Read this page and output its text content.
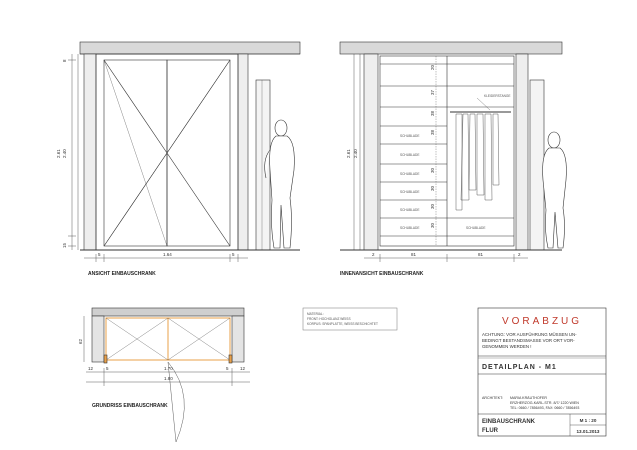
2.61 2.40
8
15
1.64
5	5
ANSICHT EINBAUSCHRANK
SCHUBLADE
SCHUBLADE
SCHUBLADE
SCHUBLADE
SCHUBLADE
KLEIDERSTANGE
SCHUBLADE	SCHUBLADE
20
37
38
38
30
30
30
30
2.61 2.40
2	81	81	2
INNENANSICHT EINBAUSCHRANK
12	12
5	5
1.70
1.80
62
GRUNDRISS EINBAUSCHRANK
MATERIAL:
FRONT: HOCHGLANZ WEISS
KORPUS: SPANPLATTE, WEISS BESCHICHTET	VORABZUG
ACHTUNG: VOR AUSFÜHRUNG MÜSSEN UN-
BEDINGT BESTANDSMASSE VOR ORT VOR-
GENOMMEN WERDEN !
DETAILPLAN - M1
ARCHITEKT: MARIA KRÄUTHOFER
ERZHERZOG-KARL-STR. 8/7/ 1220 WIEN
TEL: 0660 / 7856493, FAX: 0660 / 7856493
EINBAUSCHRANK
FLUR
M 1 : 20
13.01.2013
